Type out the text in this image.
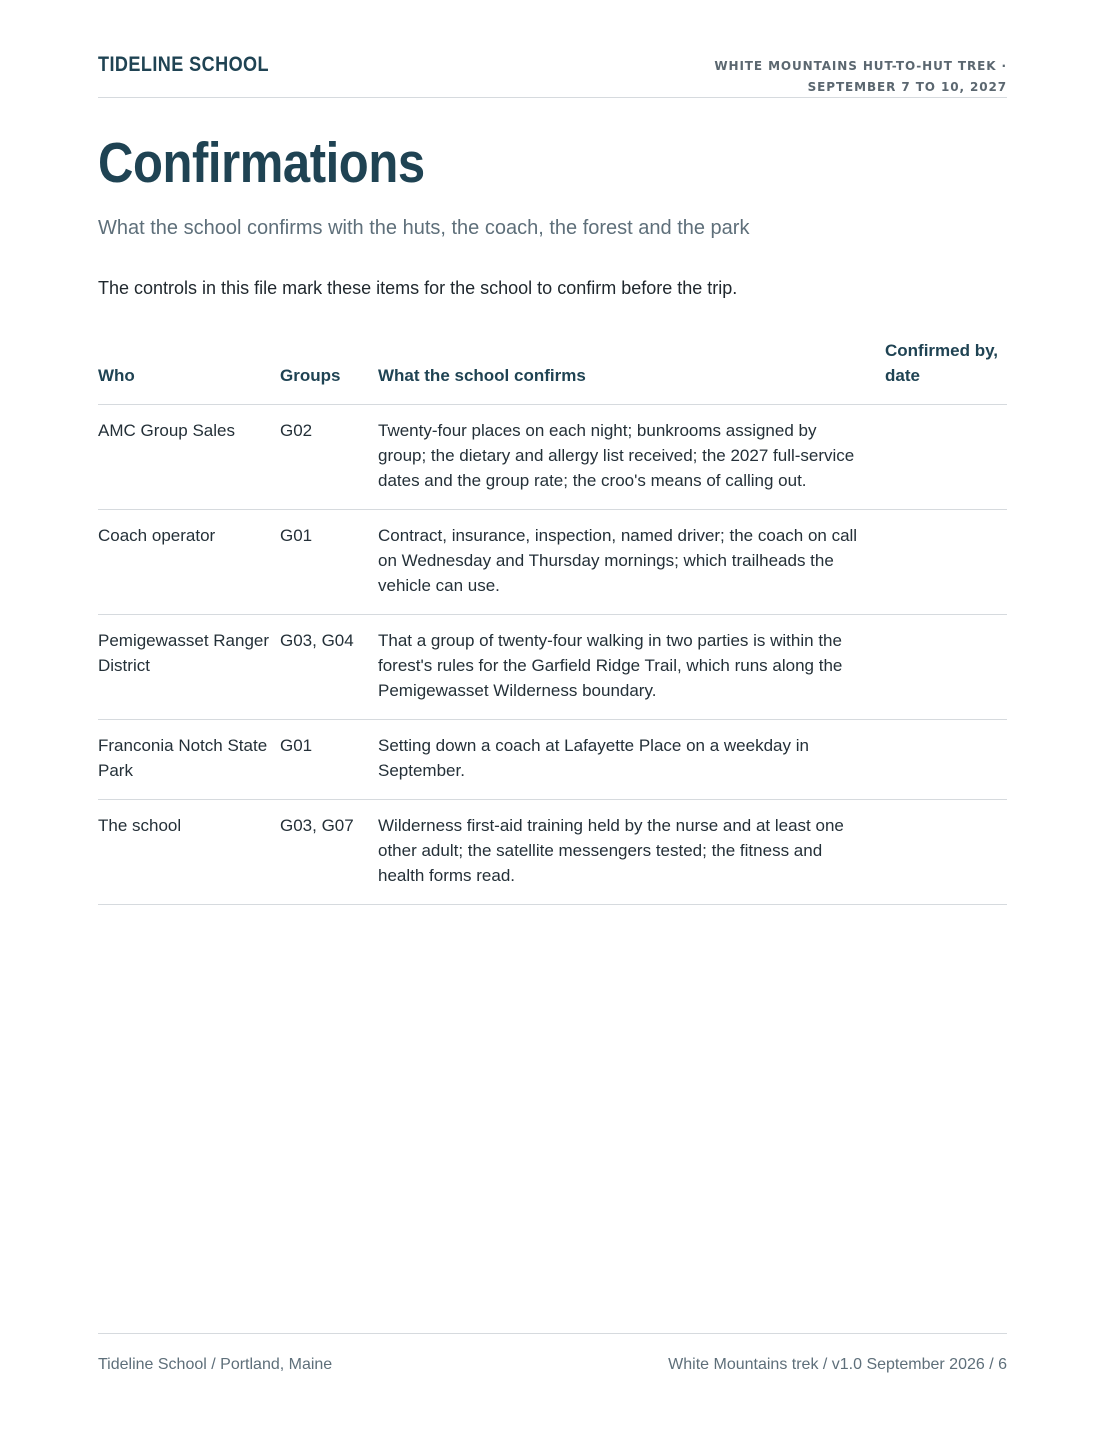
TIDELINE SCHOOL	WHITE MOUNTAINS HUT-TO-HUT TREK ·
SEPTEMBER 7 TO 10, 2027
Confirmations
What the school confirms with the huts, the coach, the forest and the park
The controls in this file mark these items for the school to confirm before the trip.
Who	Groups	What the school confirms	Confirmed by, date
AMC Group Sales	G02	Twenty-four places on each night; bunkrooms assigned by group; the dietary and allergy list received; the 2027 full-service dates and the group rate; the croo's means of calling out.	
Coach operator	G01	Contract, insurance, inspection, named driver; the coach on call on Wednesday and Thursday mornings; which trailheads the vehicle can use.	
Pemigewasset Ranger District	G03, G04	That a group of twenty-four walking in two parties is within the forest's rules for the Garfield Ridge Trail, which runs along the Pemigewasset Wilderness boundary.	
Franconia Notch State Park	G01	Setting down a coach at Lafayette Place on a weekday in September.	
The school	G03, G07	Wilderness first-aid training held by the nurse and at least one other adult; the satellite messengers tested; the fitness and health forms read.	
Tideline School / Portland, Maine	White Mountains trek / v1.0 September 2026 / 6
